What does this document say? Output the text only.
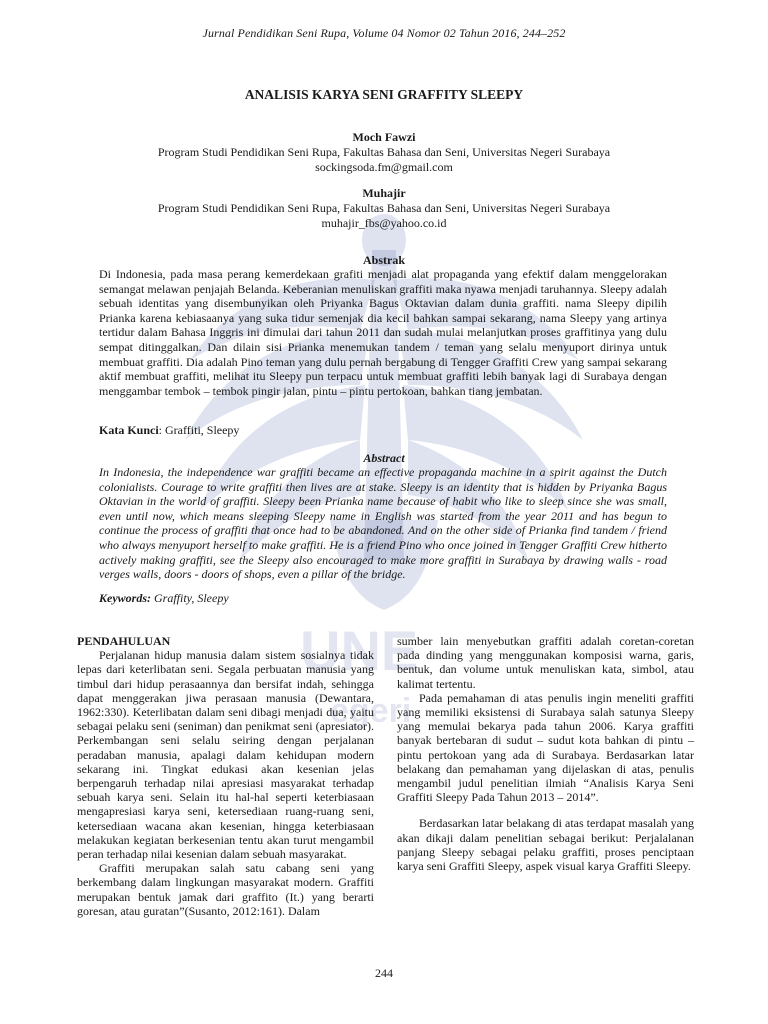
UNE
egeri
Jurnal Pendidikan Seni Rupa, Volume 04 Nomor 02 Tahun 2016, 244–252
ANALISIS KARYA SENI GRAFFITY SLEEPY
Moch Fawzi
Program Studi Pendidikan Seni Rupa, Fakultas Bahasa dan Seni, Universitas Negeri Surabaya
sockingsoda.fm@gmail.com
Muhajir
Program Studi Pendidikan Seni Rupa, Fakultas Bahasa dan Seni, Universitas Negeri Surabaya
muhajir_fbs@yahoo.co.id
Abstrak
Di Indonesia, pada masa perang kemerdekaan grafiti menjadi alat propaganda yang efektif dalam menggelorakan semangat melawan penjajah Belanda. Keberanian menuliskan graffiti maka nyawa menjadi taruhannya. Sleepy adalah sebuah identitas yang disembunyikan oleh Priyanka Bagus Oktavian dalam dunia graffiti. nama Sleepy dipilih Prianka karena kebiasaanya yang suka tidur semenjak dia kecil bahkan sampai sekarang, nama Sleepy yang artinya tertidur dalam Bahasa Inggris ini dimulai dari tahun 2011 dan sudah mulai melanjutkan proses graffitinya yang dulu sempat ditinggalkan. Dan dilain sisi Prianka menemukan tandem / teman yang selalu menyuport dirinya untuk membuat graffiti. Dia adalah Pino teman yang dulu pernah bergabung di Tengger Graffiti Crew yang sampai sekarang aktif membuat graffiti, melihat itu Sleepy pun terpacu untuk membuat graffiti lebih banyak lagi di Surabaya dengan menggambar tembok – tembok pingir jalan, pintu – pintu pertokoan, bahkan tiang jembatan.
Kata Kunci: Graffiti, Sleepy
Abstract
In Indonesia, the independence war graffiti became an effective propaganda machine in a spirit against the Dutch colonialists. Courage to write graffiti then lives are at stake. Sleepy is an identity that is hidden by Priyanka Bagus Oktavian in the world of graffiti. Sleepy been Prianka name because of habit who like to sleep since she was small, even until now, which means sleeping Sleepy name in English was started from the year 2011 and has begun to continue the process of graffiti that once had to be abandoned. And on the other side of Prianka find tandem / friend who always menyuport herself to make graffiti. He is a friend Pino who once joined in Tengger Graffiti Crew hitherto actively making graffiti, see the Sleepy also encouraged to make more graffiti in Surabaya by drawing walls - road verges walls, doors - doors of shops, even a pillar of the bridge.
Keywords: Graffity, Sleepy
PENDAHULUAN

Perjalanan hidup manusia dalam sistem sosialnya tidak lepas dari keterlibatan seni. Segala perbuatan manusia yang timbul dari hidup perasaannya dan bersifat indah, sehingga dapat menggerakan jiwa perasaan manusia (Dewantara, 1962:330). Keterlibatan dalam seni dibagi menjadi dua, yaitu sebagai pelaku seni (seniman) dan penikmat seni (apresiator). Perkembangan seni selalu seiring dengan perjalanan peradaban manusia, apalagi dalam kehidupan modern sekarang ini. Tingkat edukasi akan kesenian jelas berpengaruh terhadap nilai apresiasi masyarakat terhadap sebuah karya seni. Selain itu hal-hal seperti keterbiasaan mengapresiasi karya seni, ketersediaan ruang-ruang seni, ketersediaan wacana akan kesenian, hingga keterbiasaan melakukan kegiatan berkesenian tentu akan turut mengambil peran terhadap nilai kesenian dalam sebuah masyarakat.

Graffiti merupakan salah satu cabang seni yang berkembang dalam lingkungan masyarakat modern. Graffiti merupakan bentuk jamak dari graffito (It.) yang berarti goresan, atau guratan”(Susanto, 2012:161). Dalam

sumber lain menyebutkan graffiti adalah coretan-coretan pada dinding yang menggunakan komposisi warna, garis, bentuk, dan volume untuk menuliskan kata, simbol, atau kalimat tertentu.

Pada pemahaman di atas penulis ingin meneliti graffiti yang memiliki eksistensi di Surabaya salah satunya Sleepy yang memulai bekarya pada tahun 2006. Karya graffiti banyak bertebaran di sudut – sudut kota bahkan di pintu – pintu pertokoan yang ada di Surabaya. Berdasarkan latar belakang dan pemahaman yang dijelaskan di atas, penulis mengambil judul penelitian ilmiah “Analisis Karya Seni Graffiti Sleepy Pada Tahun 2013 – 2014”.

Berdasarkan latar belakang di atas terdapat masalah yang akan dikaji dalam penelitian sebagai berikut: Perjalalanan panjang Sleepy sebagai pelaku graffiti, proses penciptaan karya seni Graffiti Sleepy, aspek visual karya Graffiti Sleepy.

244
